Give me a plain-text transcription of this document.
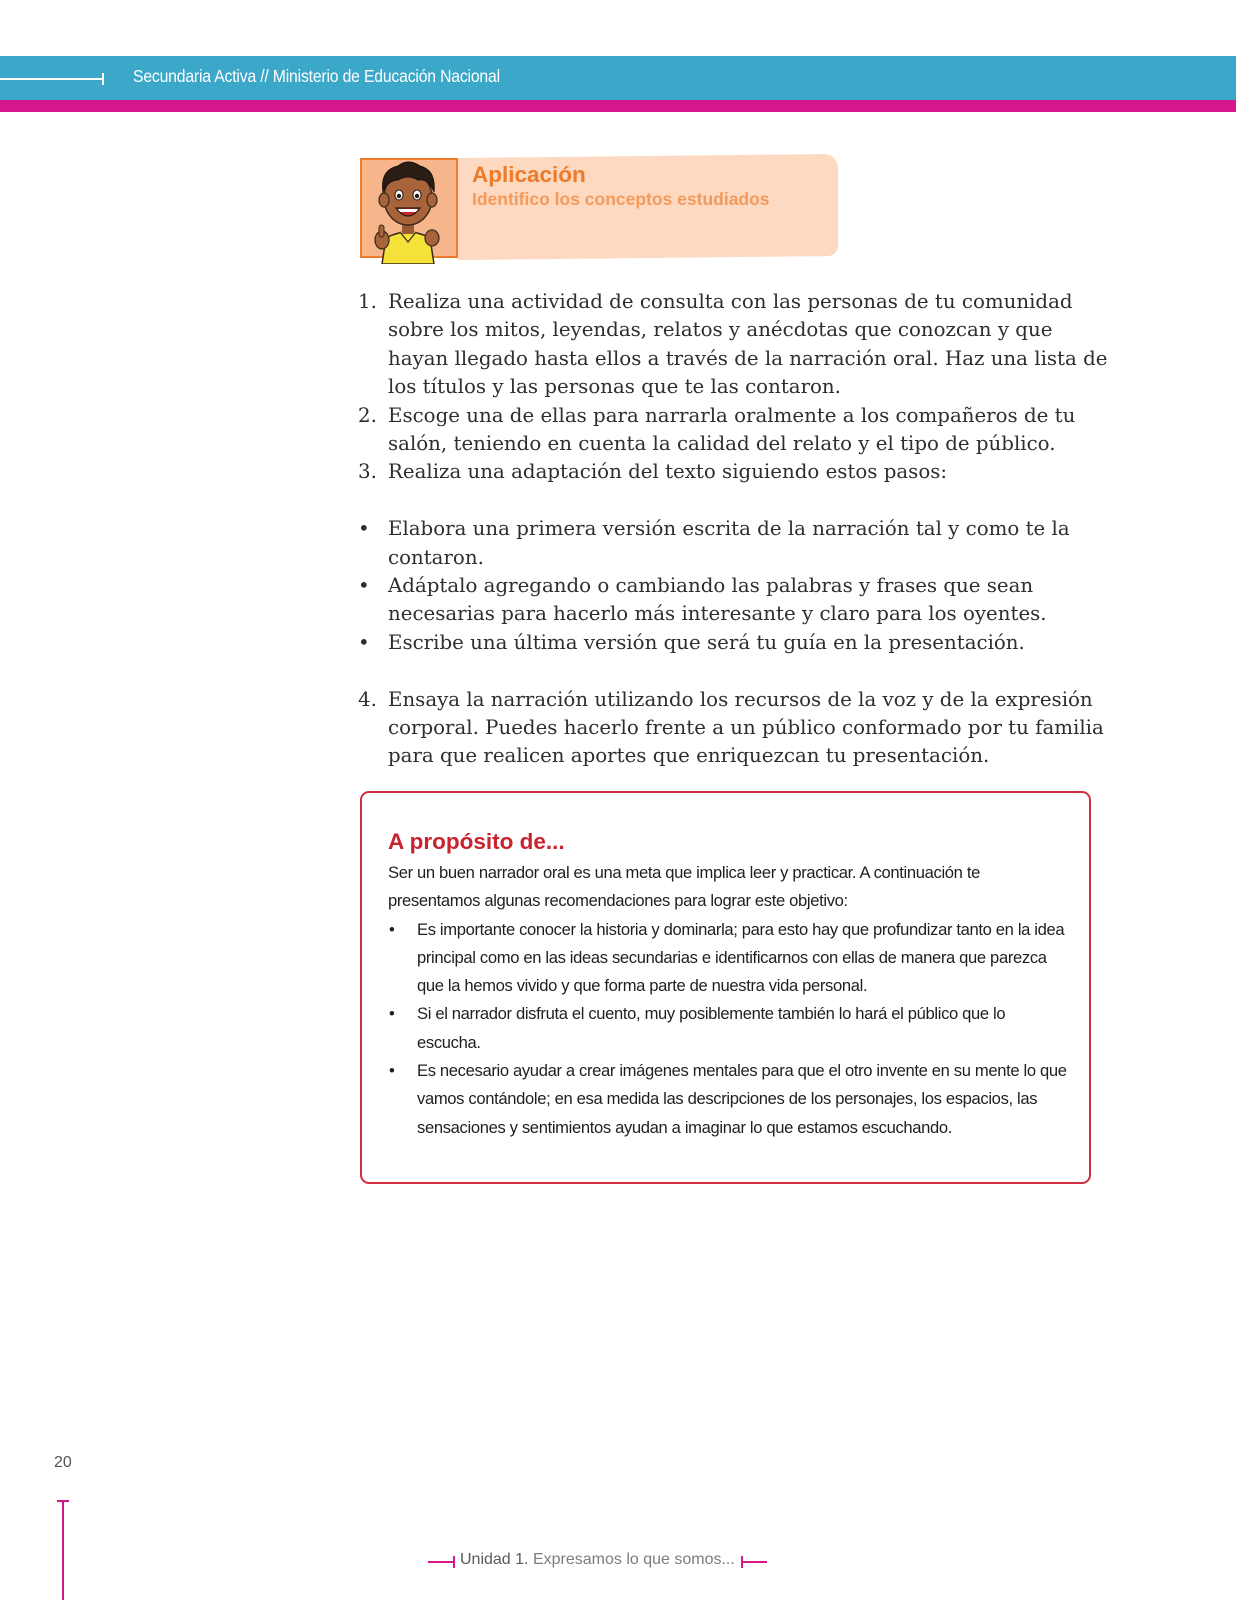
Secundaria Activa // Ministerio de Educación Nacional
Aplicación
Identifico los conceptos estudiados

1. Realiza una actividad de consulta con las personas de tu comunidad sobre los mitos, leyendas, relatos y anécdotas que conozcan y que hayan llegado hasta ellos a través de la narración oral. Haz una lista de los títulos y las personas que te las contaron.

2. Escoge una de ellas para narrarla oralmente a los compañeros de tu salón, teniendo en cuenta la calidad del relato y el tipo de público.

3. Realiza una adaptación del texto siguiendo estos pasos:

• Elabora una primera versión escrita de la narración tal y como te la contaron.

• Adáptalo agregando o cambiando las palabras y frases que sean necesarias para hacerlo más interesante y claro para los oyentes.

• Escribe una última versión que será tu guía en la presentación.

4. Ensaya la narración utilizando los recursos de la voz y de la expresión corporal. Puedes hacerlo frente a un público conformado por tu familia para que realicen aportes que enriquezcan tu presentación.

A propósito de...

Ser un buen narrador oral es una meta que implica leer y practicar. A continuación te presentamos algunas recomendaciones para lograr este objetivo:

• Es importante conocer la historia y dominarla; para esto hay que profundizar tanto en la idea principal como en las ideas secundarias e identificarnos con ellas de manera que parezca que la hemos vivido y que forma parte de nuestra vida personal.

• Si el narrador disfruta el cuento, muy posiblemente también lo hará el público que lo escucha.

• Es necesario ayudar a crear imágenes mentales para que el otro invente en su mente lo que vamos contándole; en esa medida las descripciones de los personajes, los espacios, las sensaciones y sentimientos ayudan a imaginar lo que estamos escuchando.

20
Unidad 1. Expresamos lo que somos...
